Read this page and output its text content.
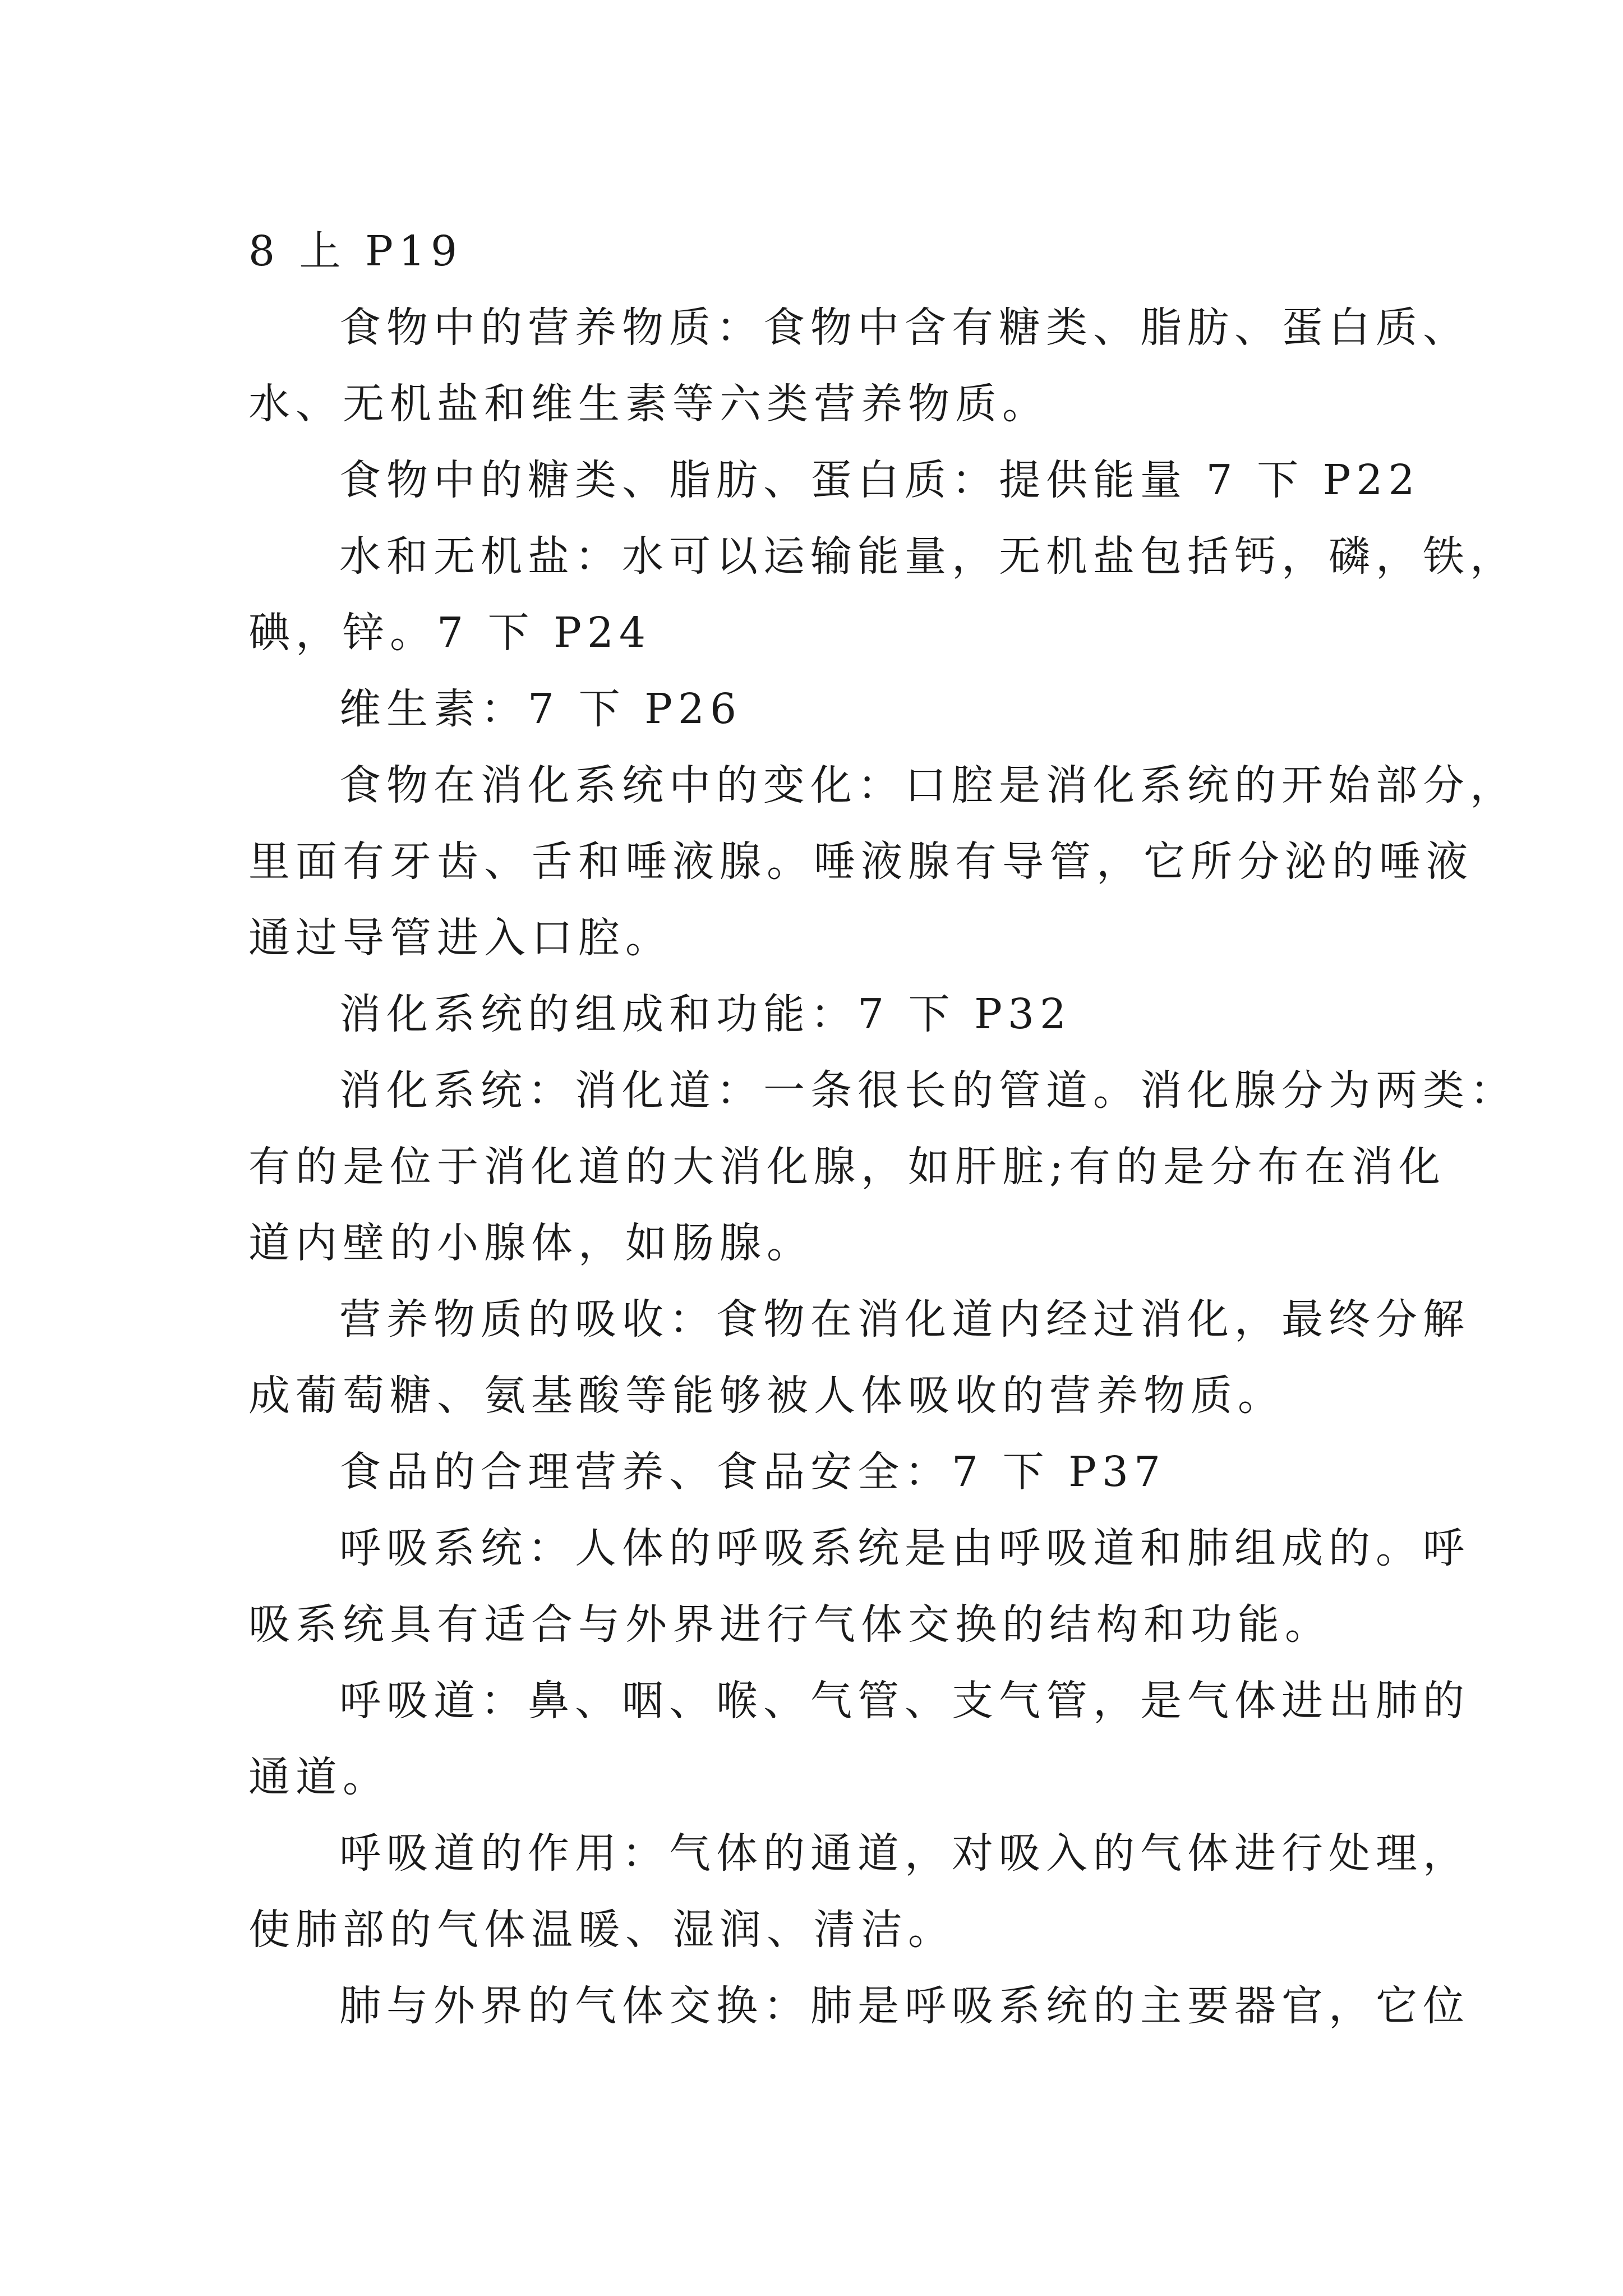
8 上 P19
食物中的营养物质：食物中含有糖类、脂肪、蛋白质、
水、无机盐和维生素等六类营养物质。
食物中的糖类、脂肪、蛋白质：提供能量 7 下 P22
水和无机盐：水可以运输能量，无机盐包括钙，磷，铁，
碘，锌。7 下 P24
维生素：7 下 P26
食物在消化系统中的变化：口腔是消化系统的开始部分，
里面有牙齿、舌和唾液腺。唾液腺有导管，它所分泌的唾液
通过导管进入口腔。
消化系统的组成和功能：7 下 P32
消化系统：消化道：一条很长的管道。消化腺分为两类：
有的是位于消化道的大消化腺，如肝脏;有的是分布在消化
道内壁的小腺体，如肠腺。
营养物质的吸收：食物在消化道内经过消化，最终分解
成葡萄糖、氨基酸等能够被人体吸收的营养物质。
食品的合理营养、食品安全：7 下 P37
呼吸系统：人体的呼吸系统是由呼吸道和肺组成的。呼
吸系统具有适合与外界进行气体交换的结构和功能。
呼吸道：鼻、咽、喉、气管、支气管，是气体进出肺的
通道。
呼吸道的作用：气体的通道，对吸入的气体进行处理，
使肺部的气体温暖、湿润、清洁。
肺与外界的气体交换：肺是呼吸系统的主要器官，它位
